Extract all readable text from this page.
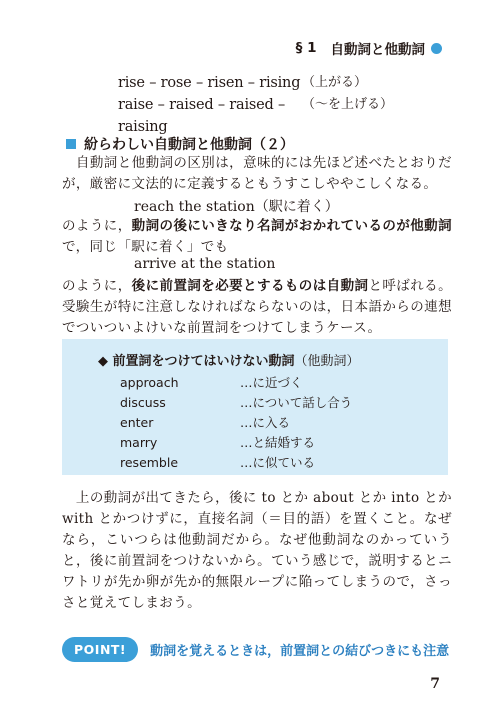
§ 1 自動詞と他動詞
rise – rose – risen – rising （上がる）
raise – raised – raised – raising
（〜を上げる）
紛らわしい自動詞と他動詞（２）
　自動詞と他動詞の区別は，意味的には先ほど述べたとおりだが，厳密に文法的に定義するともうすこしややこしくなる。
reach the station（駅に着く）
のように，動詞の後にいきなり名詞がおかれているのが他動詞で，同じ「駅に着く」でも
arrive at the station
のように，後に前置詞を必要とするものは自動詞と呼ばれる。受験生が特に注意しなければならないのは，日本語からの連想でついついよけいな前置詞をつけてしまうケース。
◆ 前置詞をつけてはいけない動詞（他動詞）
approach	…に近づく
discuss	…について話し合う
enter	…に入る
marry	…と結婚する
resemble	…に似ている
　上の動詞が出てきたら，後に to とか about とか into とか with とかつけずに，直接名詞（＝目的語）を置くこと。なぜなら，こいつらは他動詞だから。なぜ他動詞なのかっていうと，後に前置詞をつけないから。ていう感じで，説明するとニワトリが先か卵が先か的無限ループに陥ってしまうので，さっさと覚えてしまおう。
POINT!	動詞を覚えるときは，前置詞との結びつきにも注意
7
